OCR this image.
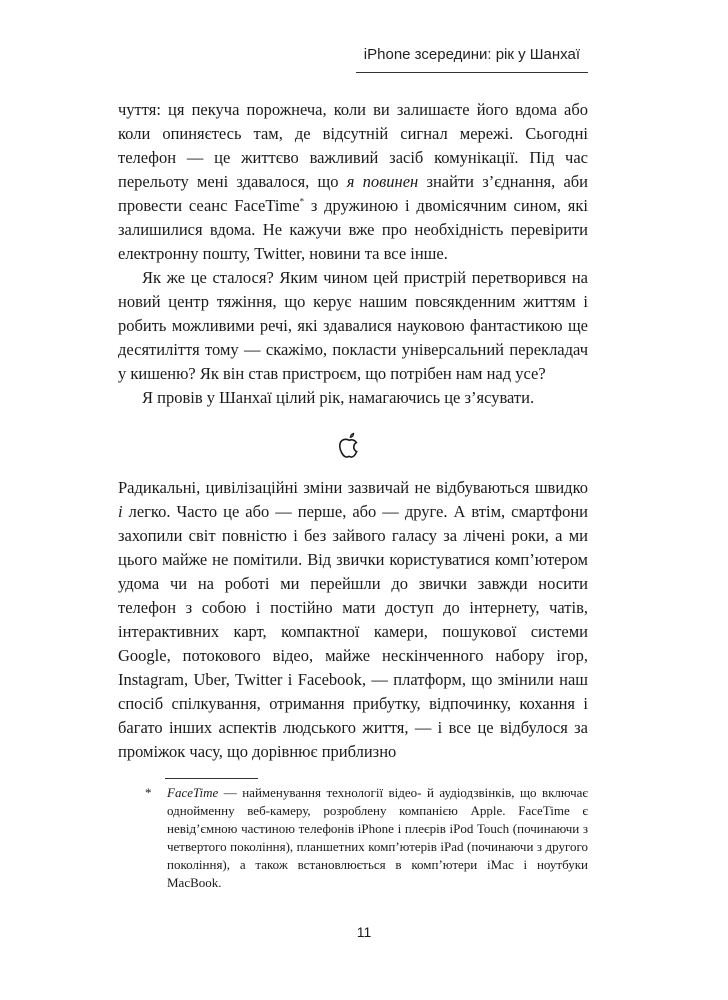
iPhone зсередини: рік у Шанхаї

чуття: ця пекуча порожнеча, коли ви залишаєте його вдома або коли опиняєтесь там, де відсутній сигнал мережі. Сьогодні телефон — це життєво важливий засіб комунікації. Під час перельоту мені здавалося, що я повинен знайти з’єднання, аби провести сеанс FaceTime* з дружиною і двомісячним сином, які залишилися вдома. Не кажучи вже про необхідність перевірити електронну пошту, Twitter, новини та все інше.

Як же це сталося? Яким чином цей пристрій перетворився на новий центр тяжіння, що керує нашим повсякденним життям і робить можливими речі, які здавалися науковою фантастикою ще десятиліття тому — скажімо, покласти універсальний перекладач у кишеню? Як він став пристроєм, що потрібен нам над усе?

Я провів у Шанхаї цілий рік, намагаючись це з’ясувати.

Радикальні, цивілізаційні зміни зазвичай не відбуваються швидко і легко. Часто це або — перше, або — друге. А втім, смартфони захопили світ повністю і без зайвого галасу за лічені роки, а ми цього майже не помітили. Від звички користуватися комп’ютером удома чи на роботі ми перейшли до звички завжди носити телефон з собою і постійно мати доступ до інтернету, чатів, інтерактивних карт, компактної камери, пошукової системи Google, потокового відео, майже нескінченного набору ігор, Instagram, Uber, Twitter і Facebook, — платформ, що змінили наш спосіб спілкування, отримання прибутку, відпочинку, кохання і багато інших аспектів людського життя, — і все це відбулося за проміжок часу, що дорівнює приблизно

* FaceTime — найменування технології відео- й аудіодзвінків, що включає однойменну веб-камеру, розроблену компанією Apple. FaceTime є невід’ємною частиною телефонів iPhone і плеєрів iPod Touch (починаючи з четвертого покоління), планшетних комп’ютерів iPad (починаючи з другого покоління), а також встановлюється в комп’ютери iMac і ноутбуки MacBook.
11
